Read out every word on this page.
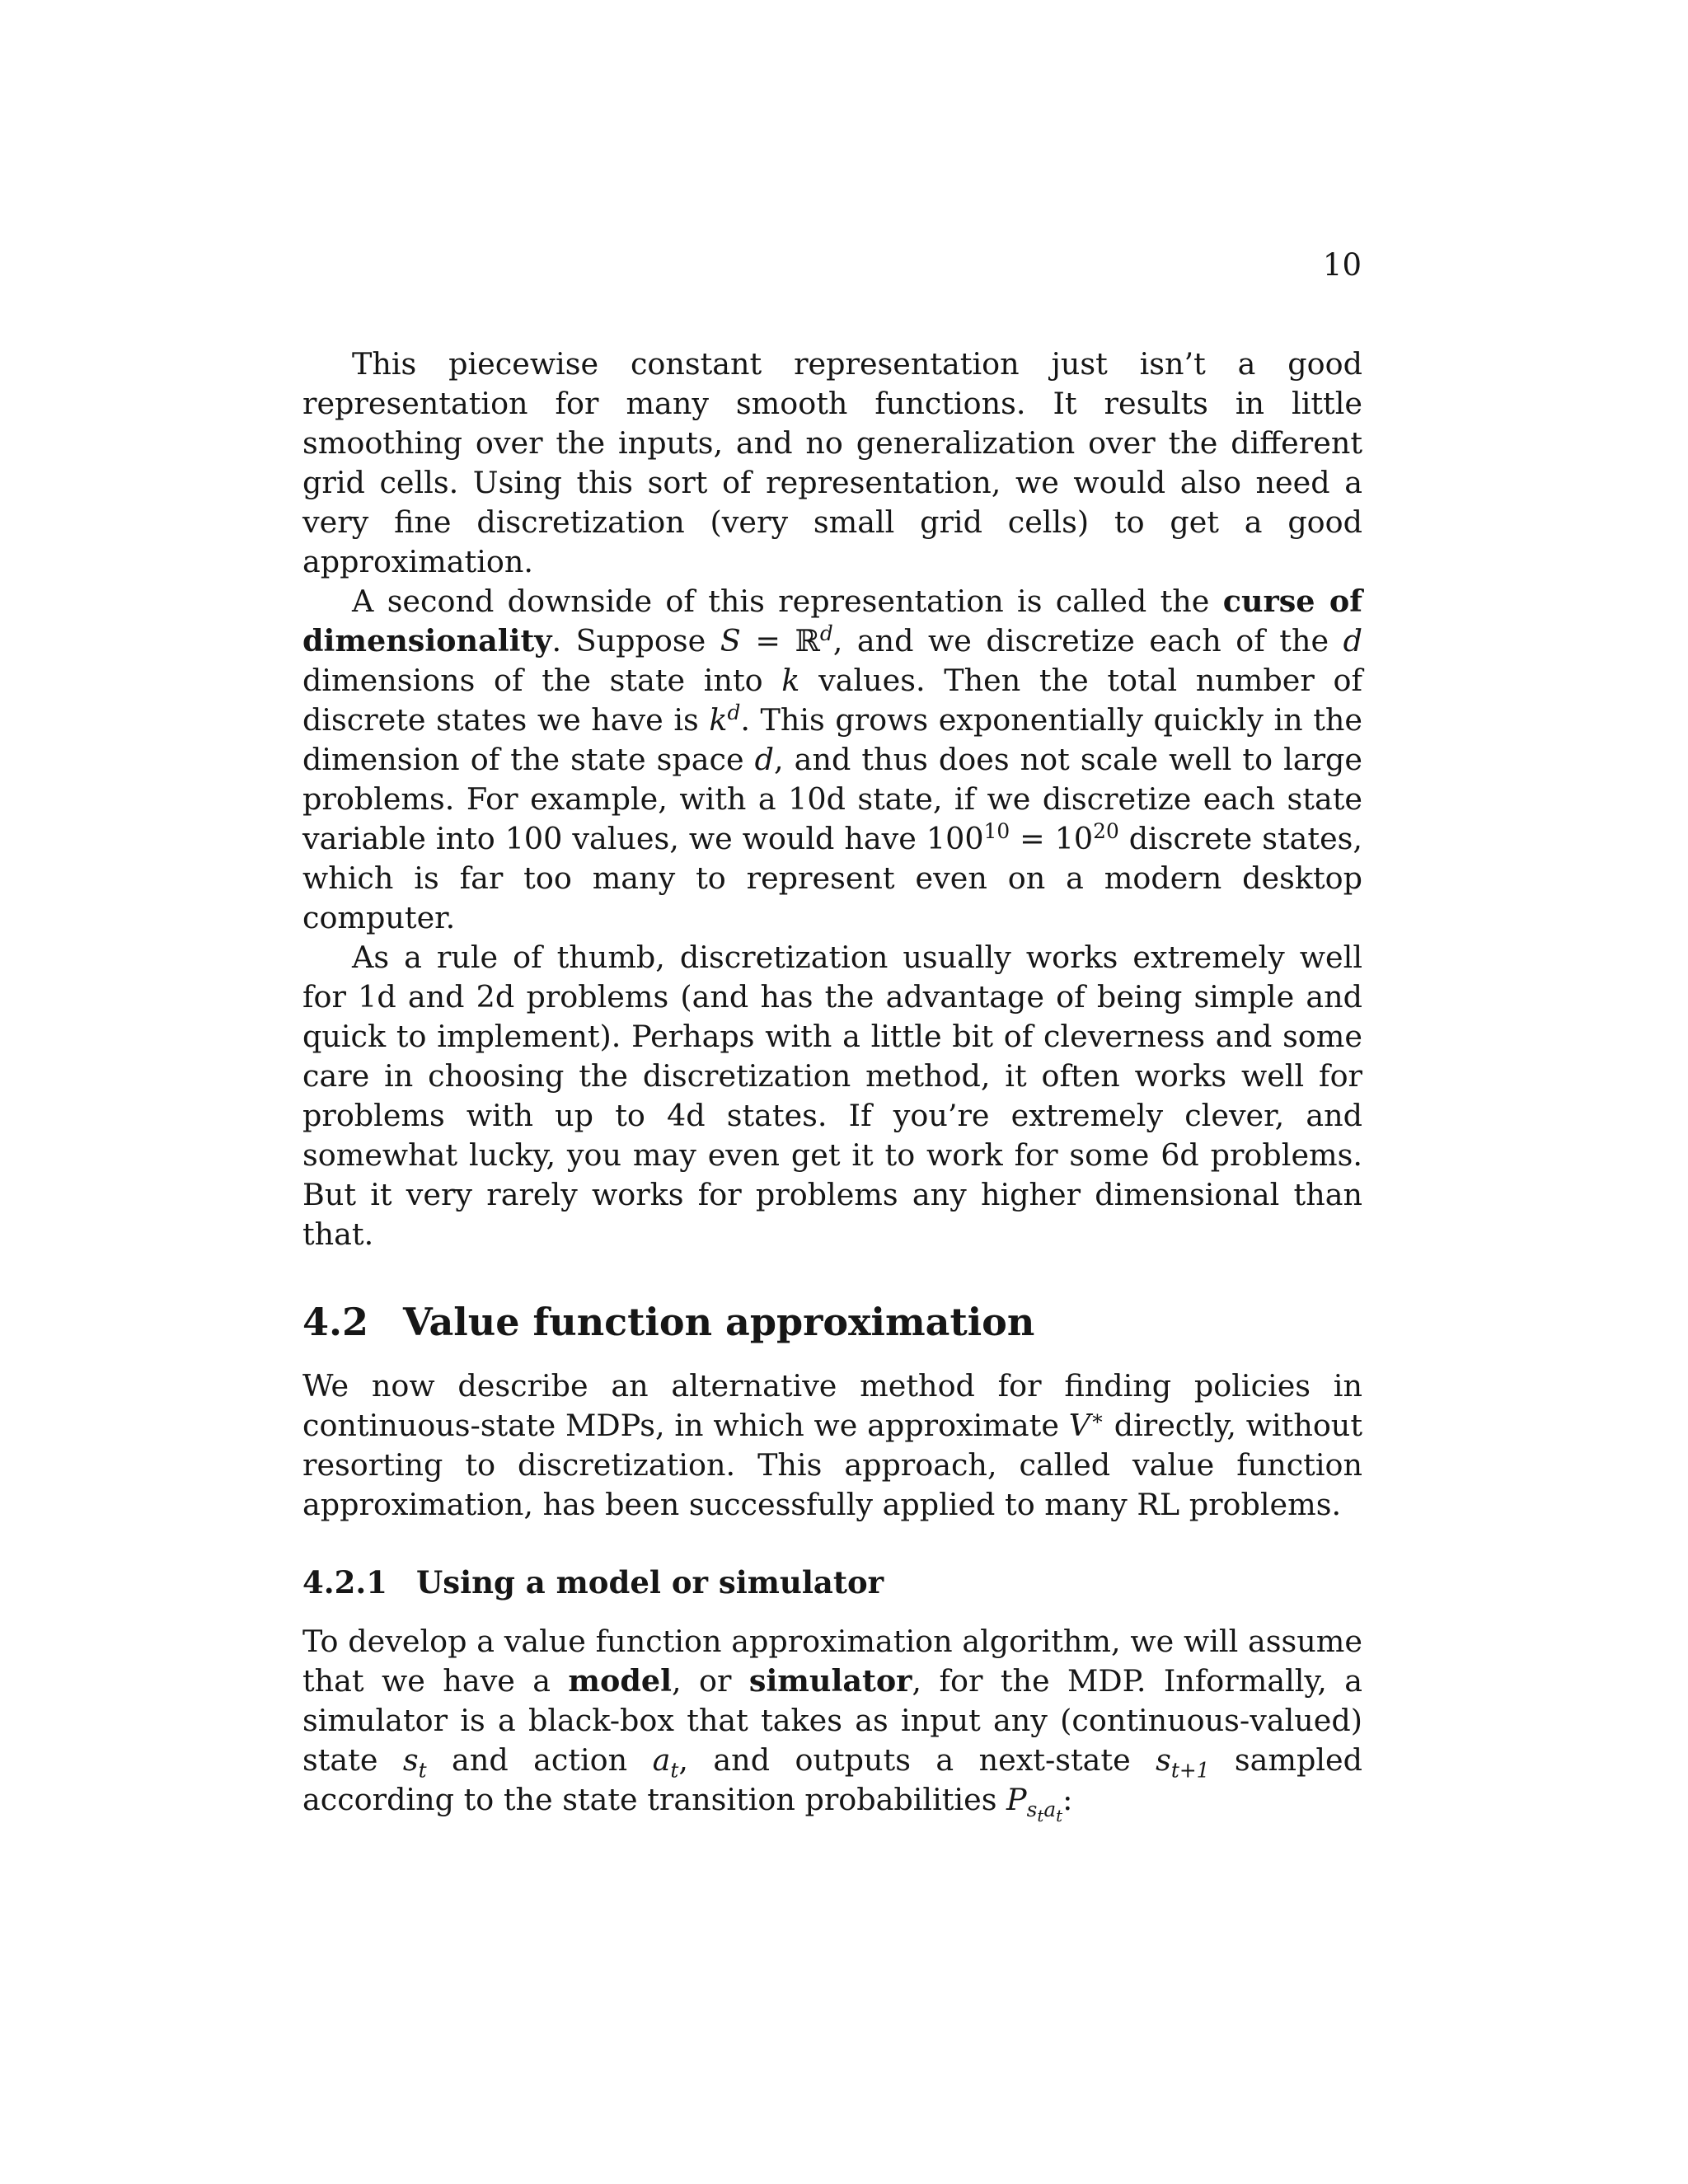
10

This piecewise constant representation just isn’t a good representation for many smooth functions. It results in little smoothing over the inputs, and no generalization over the different grid cells. Using this sort of representation, we would also need a very fine discretization (very small grid cells) to get a good approximation.

A second downside of this representation is called the curse of dimensionality. Suppose S = ℝ$^d$, and we discretize each of the d dimensions of the state into k values. Then the total number of discrete states we have is $k^d$. This grows exponentially quickly in the dimension of the state space d, and thus does not scale well to large problems. For example, with a 10d state, if we discretize each state variable into 100 values, we would have $100^{10} = 10^{20}$ discrete states, which is far too many to represent even on a modern desktop computer.

As a rule of thumb, discretization usually works extremely well for 1d and 2d problems (and has the advantage of being simple and quick to implement). Perhaps with a little bit of cleverness and some care in choosing the discretization method, it often works well for problems with up to 4d states. If you’re extremely clever, and somewhat lucky, you may even get it to work for some 6d problems. But it very rarely works for problems any higher dimensional than that.

4.2 Value function approximation

We now describe an alternative method for finding policies in continuous-state MDPs, in which we approximate V∗ directly, without resorting to discretization. This approach, called value function approximation, has been successfully applied to many RL problems.

4.2.1 Using a model or simulator

To develop a value function approximation algorithm, we will assume that we have a model, or simulator, for the MDP. Informally, a simulator is a black-box that takes as input any (continuous-valued) state $s_t$ and action $a_t$, and outputs a next-state $s_{t+1}$ sampled according to the state transition probabilities $P_{s_ta_t}$:
